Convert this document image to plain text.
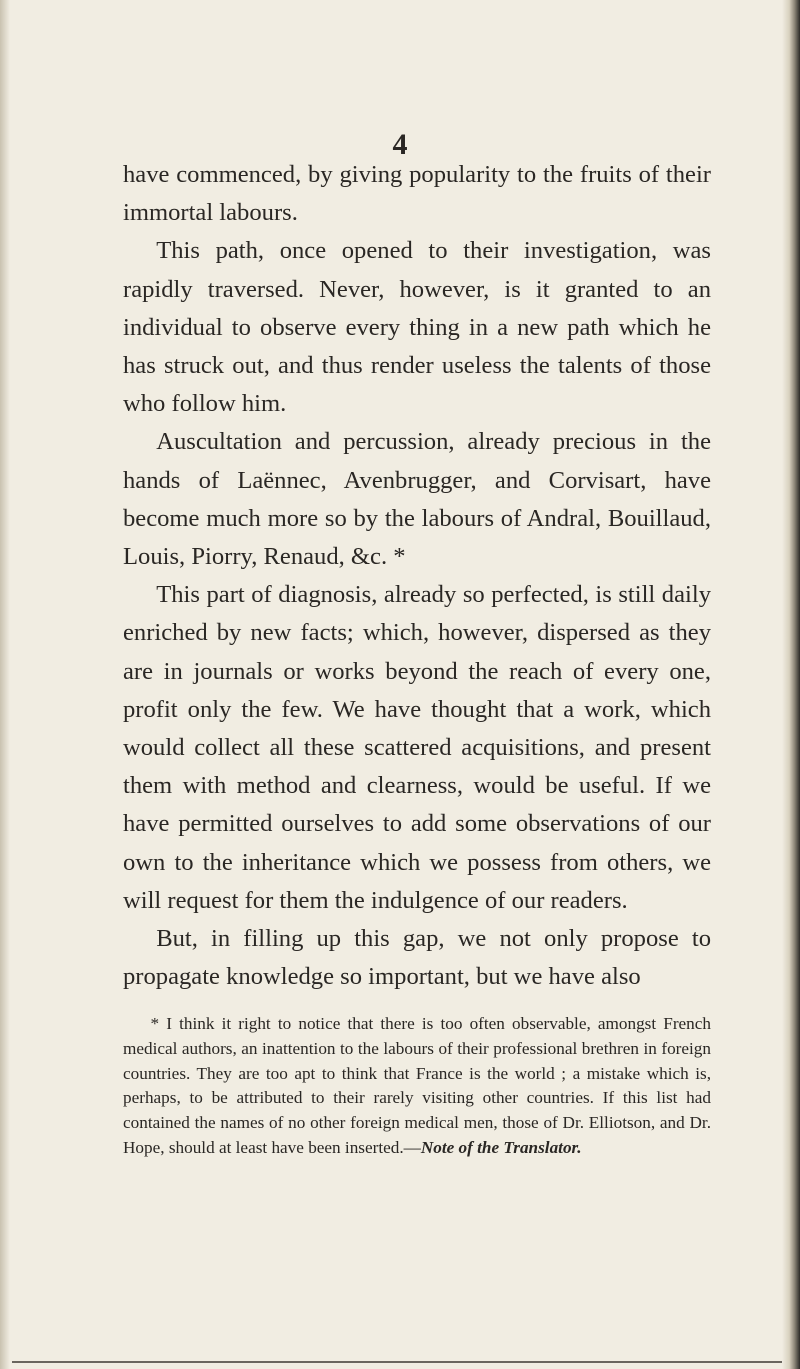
4

have commenced, by giving popularity to the fruits of their immortal labours.

This path, once opened to their investigation, was rapidly traversed. Never, however, is it granted to an individual to observe every thing in a new path which he has struck out, and thus render useless the talents of those who follow him.

Auscultation and percussion, already precious in the hands of Laënnec, Avenbrugger, and Corvisart, have become much more so by the labours of Andral, Bouillaud, Louis, Piorry, Renaud, &c. *

This part of diagnosis, already so perfected, is still daily enriched by new facts; which, however, dispersed as they are in journals or works beyond the reach of every one, profit only the few. We have thought that a work, which would collect all these scattered acquisitions, and present them with method and clearness, would be useful. If we have permitted ourselves to add some observations of our own to the inheritance which we possess from others, we will request for them the indulgence of our readers.

But, in filling up this gap, we not only propose to propagate knowledge so important, but we have also

* I think it right to notice that there is too often observable, amongst French medical authors, an inattention to the labours of their professional brethren in foreign countries. They are too apt to think that France is the world ; a mistake which is, perhaps, to be attributed to their rarely visiting other countries. If this list had contained the names of no other foreign medical men, those of Dr. Elliotson, and Dr. Hope, should at least have been inserted.—Note of the Translator.
